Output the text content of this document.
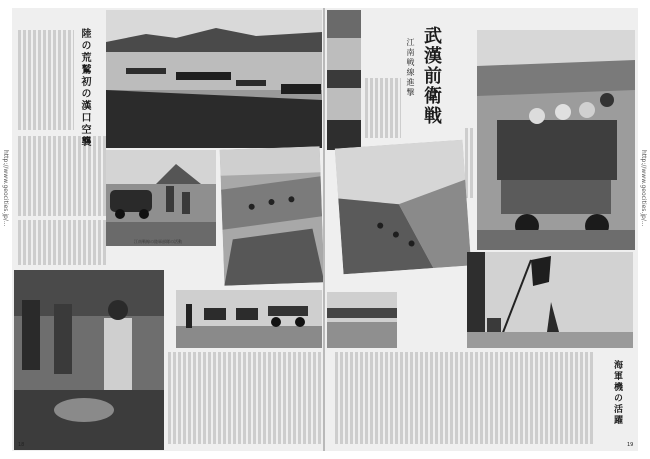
陸の荒鷲初の漢口空襲
江南戦線の陸軍部隊の活動
18
武漢前衛戦
江南戦線進撃
海軍機の活躍
19
http://www.geocities.jp/...	http://www.geocities.jp/...
